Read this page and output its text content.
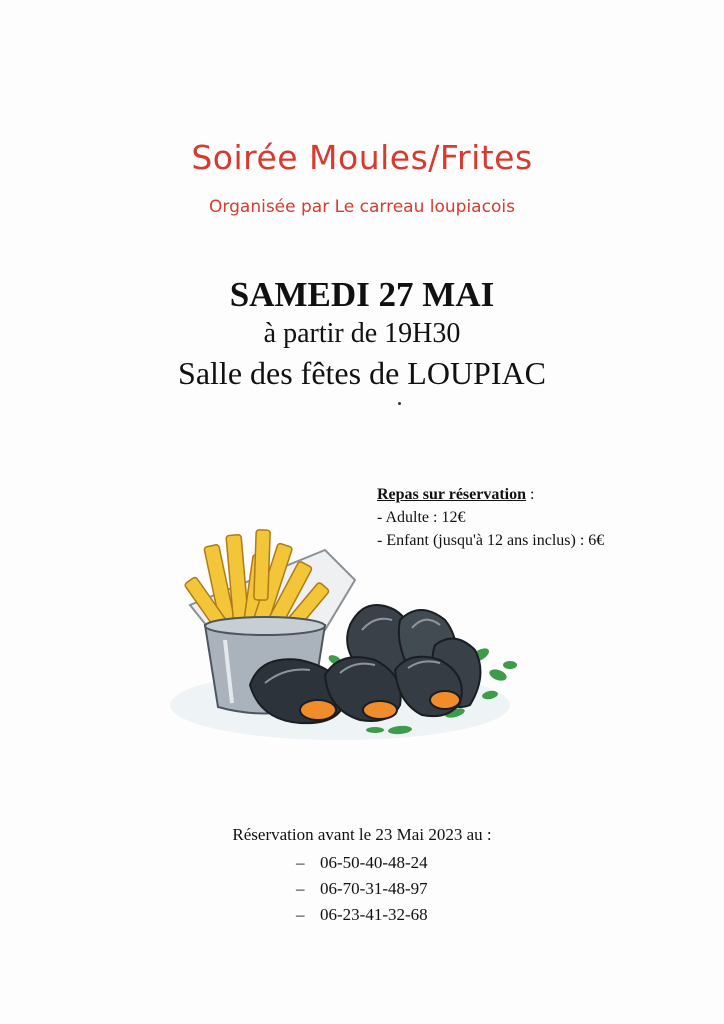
Soirée Moules/Frites
Organisée par Le carreau loupiacois
SAMEDI 27 MAI
à partir de 19H30
Salle des fêtes de LOUPIAC
Repas sur réservation :
- Adulte : 12€
- Enfant (jusqu'à 12 ans inclus) : 6€
Réservation avant le 23 Mai 2023 au :
– 06-50-40-48-24
– 06-70-31-48-97
– 06-23-41-32-68
